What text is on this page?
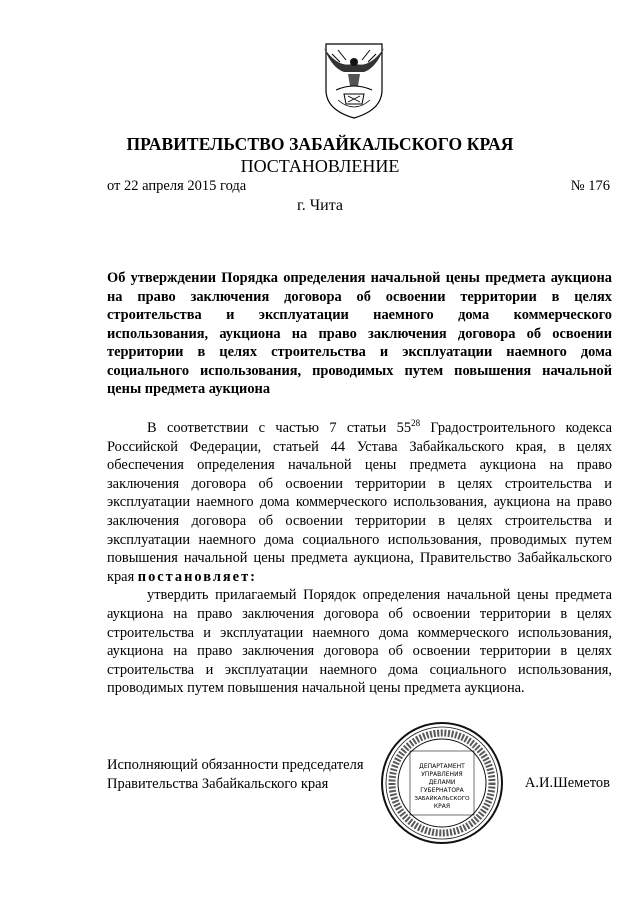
ПРАВИТЕЛЬСТВО ЗАБАЙКАЛЬСКОГО КРАЯ
ПОСТАНОВЛЕНИЕ
от 22 апреля 2015 года	№ 176
г. Чита
Об утверждении Порядка определения начальной цены предмета аукциона на право заключения договора об освоении территории в целях строительства и эксплуатации наемного дома коммерческого использования, аукциона на право заключения договора об освоении территории в целях строительства и эксплуатации наемного дома социального использования, проводимых путем повышения начальной цены предмета аукциона

В соответствии с частью 7 статьи $55^{28}$ Градостроительного кодекса Российской Федерации, статьей 44 Устава Забайкальского края, в целях обеспечения определения начальной цены предмета аукциона на право заключения договора об освоении территории в целях строительства и эксплуатации наемного дома коммерческого использования, аукциона на право заключения договора об освоении территории в целях строительства и эксплуатации наемного дома социального использования, проводимых путем повышения начальной цены предмета аукциона, Правительство Забайкальского края постановляет:

утвердить прилагаемый Порядок определения начальной цены предмета аукциона на право заключения договора об освоении территории в целях строительства и эксплуатации наемного дома коммерческого использования, аукциона на право заключения договора об освоении территории в целях строительства и эксплуатации наемного дома социального использования, проводимых путем повышения начальной цены предмета аукциона.

Исполняющий обязанности председателя
Правительства Забайкальского края
ДЕПАРТАМЕНТ
УПРАВЛЕНИЯ
ДЕЛАМИ
ГУБЕРНАТОРА
ЗАБАЙКАЛЬСКОГО
КРАЯ
А.И.Шеметов
